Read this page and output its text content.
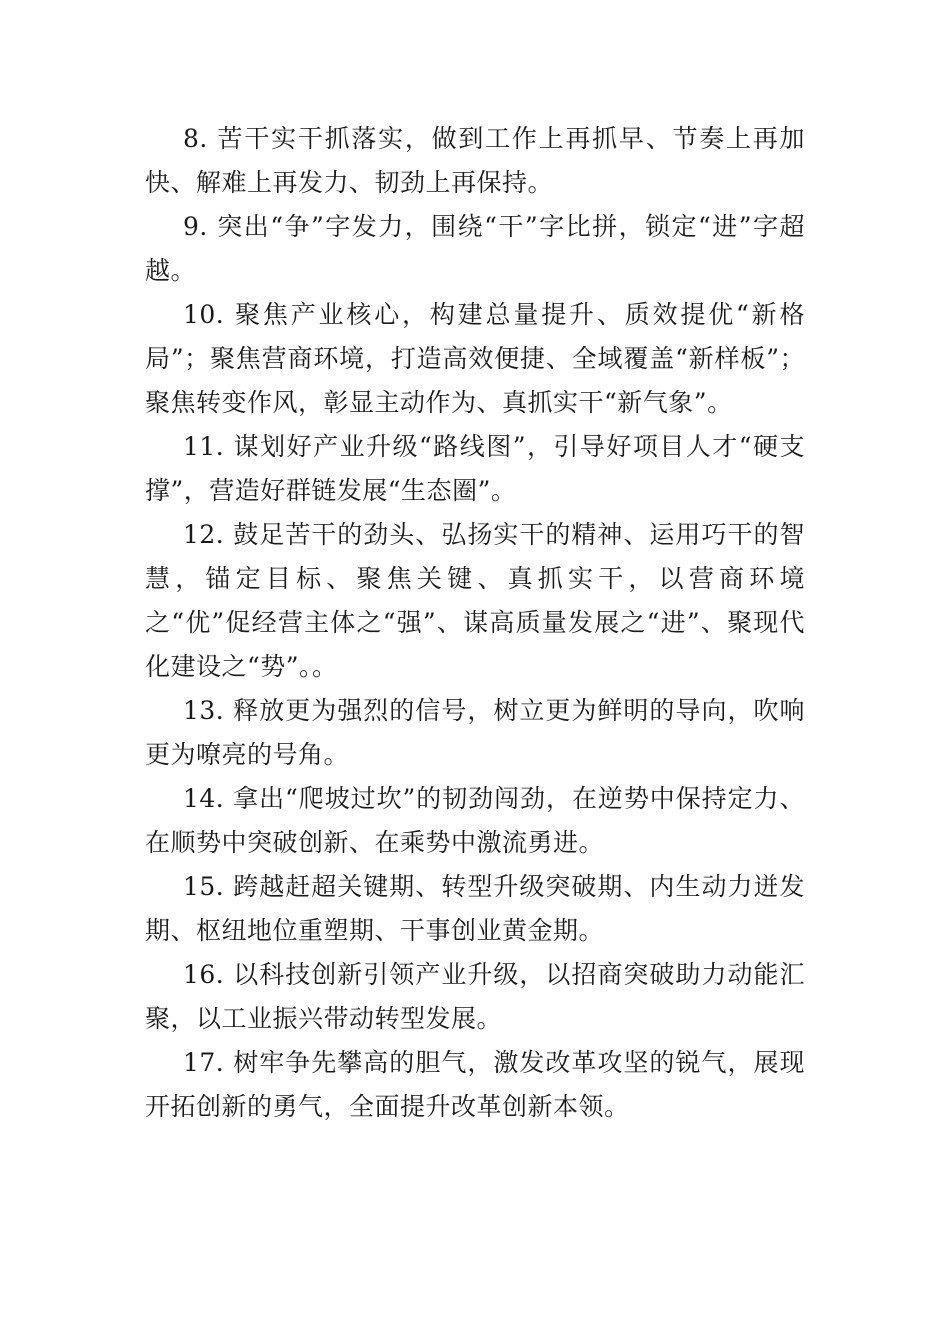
8. 苦干实干抓落实，做到工作上再抓早、节奏上再加快、解难上再发力、韧劲上再保持。

9. 突出“争”字发力，围绕“干”字比拼，锁定“进”字超越。

10. 聚焦产业核心，构建总量提升、质效提优“新格局”；聚焦营商环境，打造高效便捷、全域覆盖“新样板”；聚焦转变作风，彰显主动作为、真抓实干“新气象”。

11. 谋划好产业升级“路线图”，引导好项目人才“硬支撑”，营造好群链发展“生态圈”。

12. 鼓足苦干的劲头、弘扬实干的精神、运用巧干的智慧，锚定目标、聚焦关键、真抓实干，以营商环境之“优”促经营主体之“强”、谋高质量发展之“进”、聚现代化建设之“势”。。

13. 释放更为强烈的信号，树立更为鲜明的导向，吹响更为嘹亮的号角。

14. 拿出“爬坡过坎”的韧劲闯劲，在逆势中保持定力、在顺势中突破创新、在乘势中激流勇进。

15. 跨越赶超关键期、转型升级突破期、内生动力迸发期、枢纽地位重塑期、干事创业黄金期。

16. 以科技创新引领产业升级，以招商突破助力动能汇聚，以工业振兴带动转型发展。

17. 树牢争先攀高的胆气，激发改革攻坚的锐气，展现开拓创新的勇气，全面提升改革创新本领。
